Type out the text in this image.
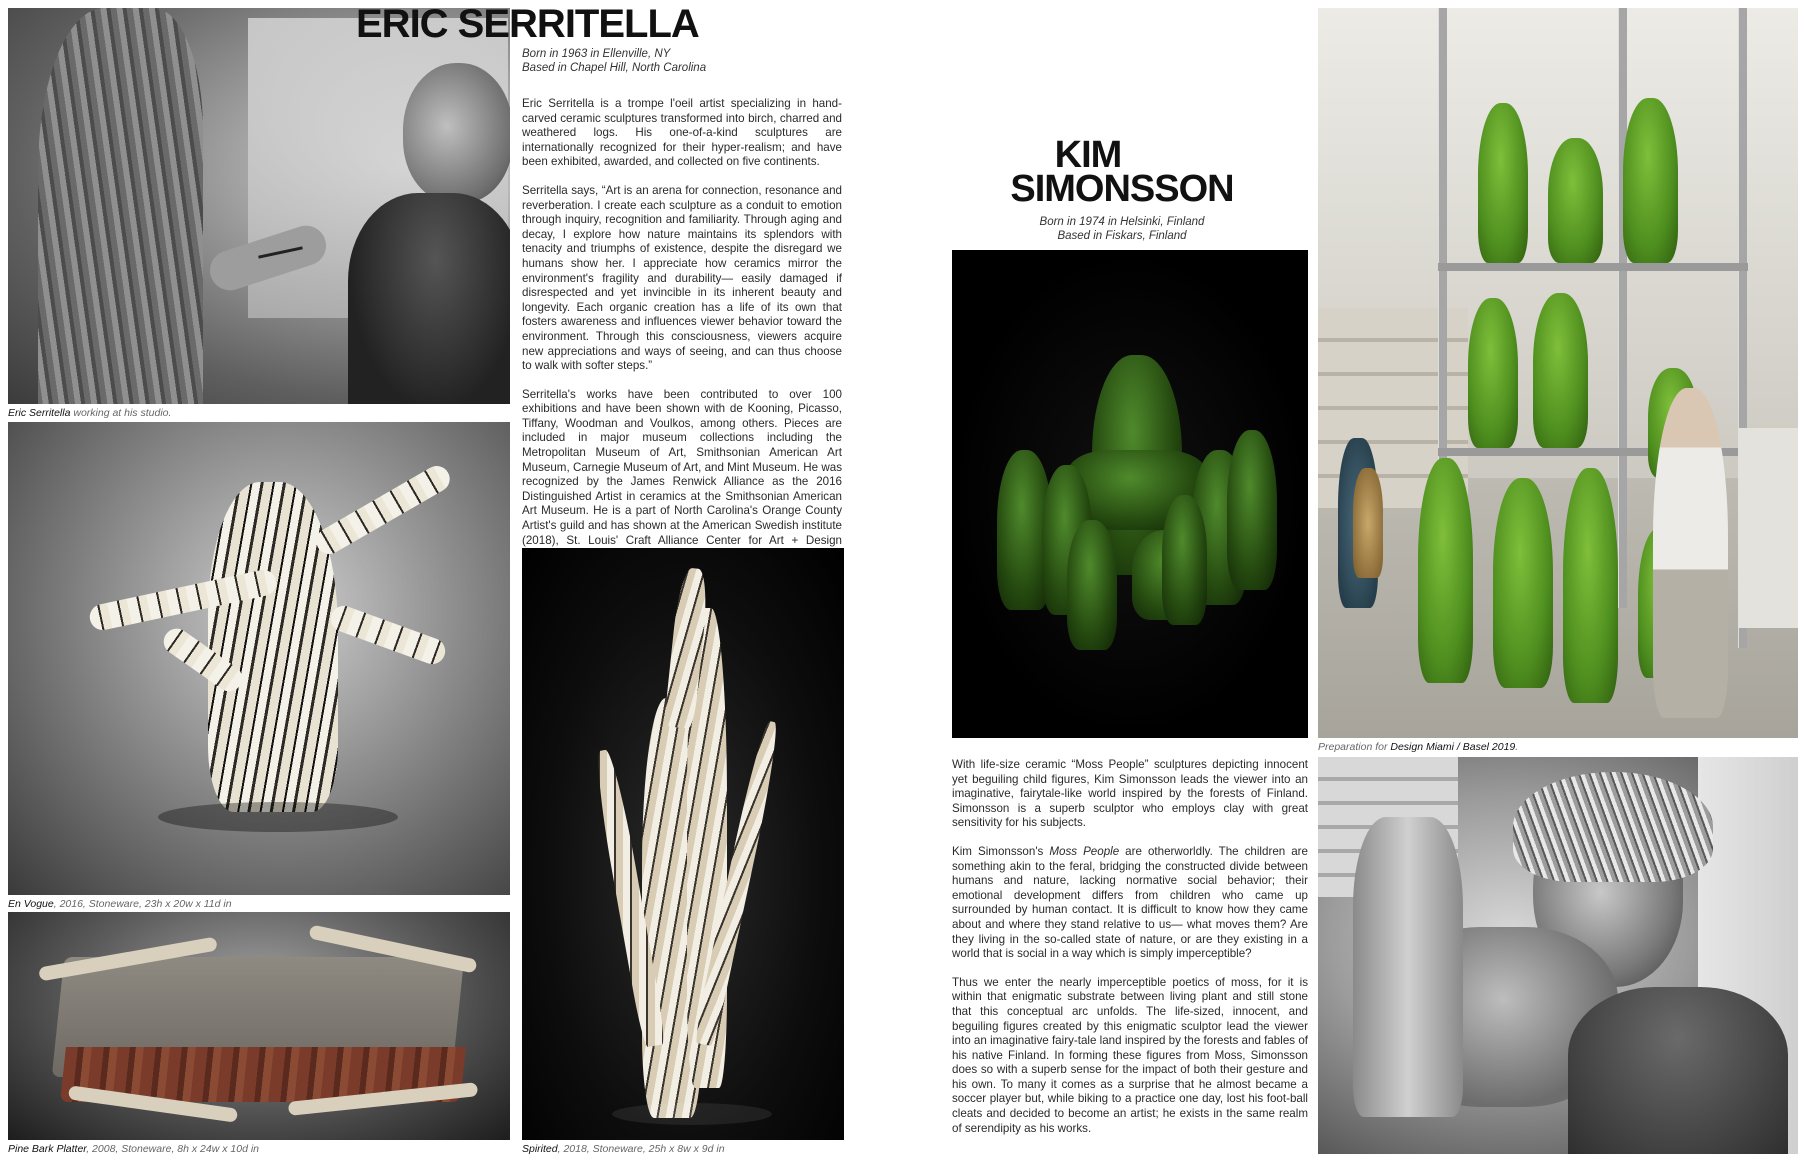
Eric Serritella working at his studio.
ERIC SERRITELLA
Born in 1963 in Ellenville, NY
Based in Chapel Hill, North Carolina

Eric Serritella is a trompe l'oeil artist specializing in hand-carved ceramic sculptures transformed into birch, charred and weathered logs. His one-of-a-kind sculptures are internationally recognized for their hyper-realism; and have been exhibited, awarded, and collected on five continents.

Serritella says, “Art is an arena for connection, resonance and reverberation. I create each sculpture as a conduit to emotion through inquiry, recognition and familiarity. Through aging and decay, I explore how nature maintains its splendors with tenacity and triumphs of existence, despite the disregard we humans show her. I appreciate how ceramics mirror the environment's fragility and durability— easily damaged if disrespected and yet invincible in its inherent beauty and longevity. Each organic creation has a life of its own that fosters awareness and influences viewer behavior toward the environment. Through this consciousness, viewers acquire new appreciations and ways of seeing, and can thus choose to walk with softer steps.”

Serritella's works have been contributed to over 100 exhibitions and have been shown with de Kooning, Picasso, Tiffany, Woodman and Voulkos, among others. Pieces are included in major museum collections including the Metropolitan Museum of Art, Smithsonian American Art Museum, Carnegie Museum of Art, and Mint Museum. He was recognized by the James Renwick Alliance as the 2016 Distinguished Artist in ceramics at the Smithsonian American Art Museum. He is a part of North Carolina's Orange County Artist's guild and has shown at the American Swedish institute (2018), St. Louis' Craft Alliance Center for Art + Design

En Vogue, 2016, Stoneware, 23h x 20w x 11d in
Pine Bark Platter, 2008, Stoneware, 8h x 24w x 10d in	Spirited, 2018, Stoneware, 25h x 8w x 9d in
KIM
SIMONSSON
Born in 1974 in Helsinki, Finland
Based in Fiskars, Finland

With life-size ceramic “Moss People” sculptures depicting innocent yet beguiling child figures, Kim Simonsson leads the viewer into an imaginative, fairytale-like world inspired by the forests of Finland. Simonsson is a superb sculptor who employs clay with great sensitivity for his subjects.

Kim Simonsson's Moss People are otherworldly. The children are something akin to the feral, bridging the constructed divide between humans and nature, lacking normative social behavior; their emotional development differs from children who came up surrounded by human contact. It is difficult to know how they came about and where they stand relative to us— what moves them? Are they living in the so-called state of nature, or are they existing in a world that is social in a way which is simply imperceptible?

Thus we enter the nearly imperceptible poetics of moss, for it is within that enigmatic substrate between living plant and still stone that this conceptual arc unfolds. The life-sized, innocent, and beguiling figures created by this enigmatic sculptor lead the viewer into an imaginative fairy-tale land inspired by the forests and fables of his native Finland. In forming these figures from Moss, Simonsson does so with a superb sense for the impact of both their gesture and his own. To many it comes as a surprise that he almost became a soccer player but, while biking to a practice one day, lost his foot-ball cleats and decided to become an artist; he exists in the same realm of serendipity as his works.

Preparation for Design Miami / Basel 2019.
